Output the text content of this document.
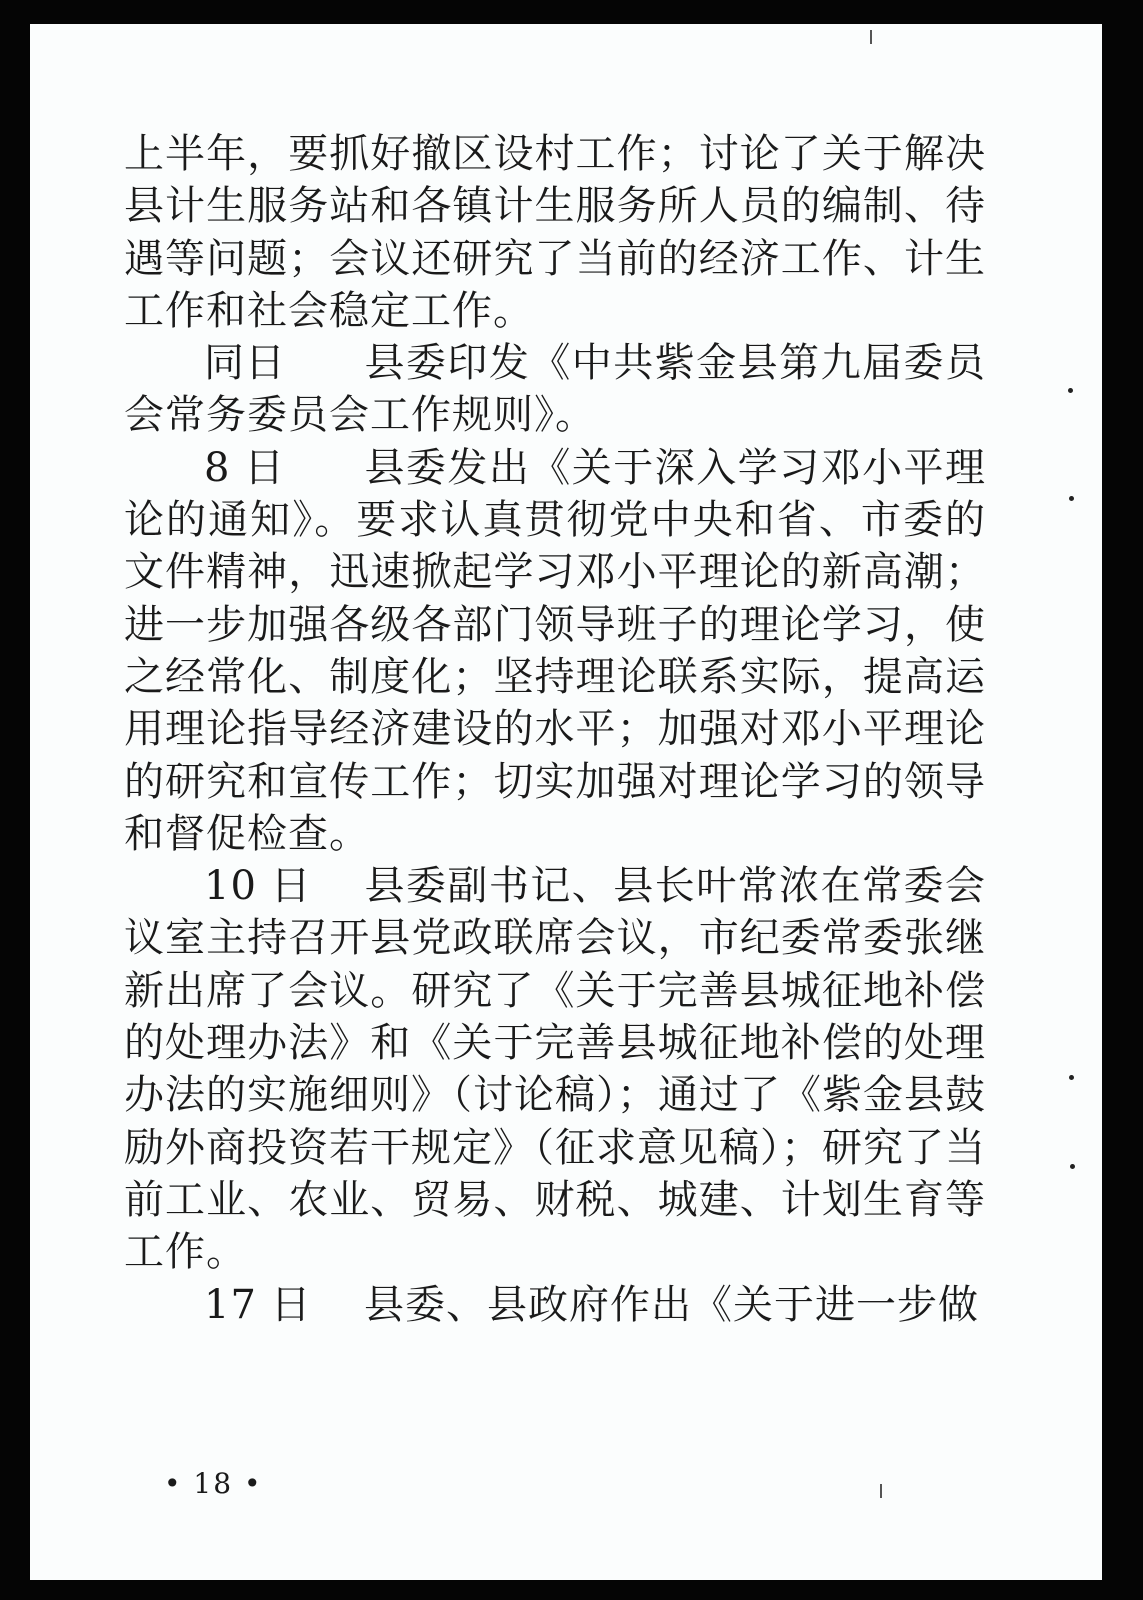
上半年，要抓好撤区设村工作；讨论了关于解决县计生服务站和各镇计生服务所人员的编制、待遇等问题；会议还研究了当前的经济工作、计生工作和社会稳定工作。

同日 县委印发《中共紫金县第九届委员会常务委员会工作规则》。

8 日 县委发出《关于深入学习邓小平理论的通知》。要求认真贯彻党中央和省、市委的文件精神，迅速掀起学习邓小平理论的新高潮；进一步加强各级各部门领导班子的理论学习，使之经常化、制度化；坚持理论联系实际，提高运用理论指导经济建设的水平；加强对邓小平理论的研究和宣传工作；切实加强对理论学习的领导和督促检查。

10 日 县委副书记、县长叶常浓在常委会议室主持召开县党政联席会议，市纪委常委张继新出席了会议。研究了《关于完善县城征地补偿的处理办法》和《关于完善县城征地补偿的处理办法的实施细则》（讨论稿）；通过了《紫金县鼓励外商投资若干规定》（征求意见稿）；研究了当前工业、农业、贸易、财税、城建、计划生育等工作。

17 日 县委、县政府作出《关于进一步做

• 18 •
